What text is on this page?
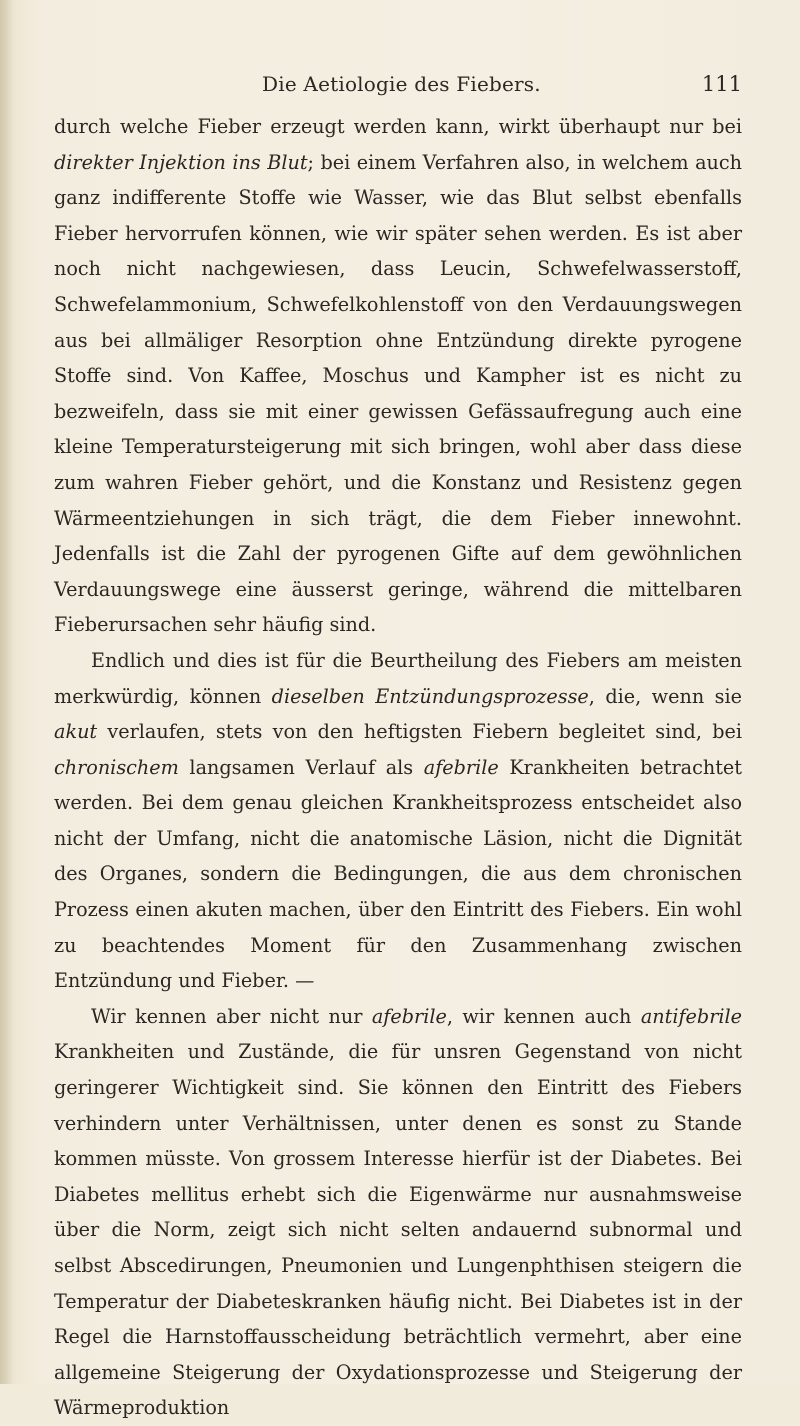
Die Aetiologie des Fiebers.	111

durch welche Fieber erzeugt werden kann, wirkt überhaupt nur bei direkter Injektion ins Blut; bei einem Verfahren also, in welchem auch ganz indifferente Stoffe wie Wasser, wie das Blut selbst ebenfalls Fieber hervorrufen können, wie wir später sehen werden. Es ist aber noch nicht nachgewiesen, dass Leucin, Schwefelwasserstoff, Schwefelammonium, Schwefelkohlenstoff von den Verdauungswegen aus bei allmäliger Resorption ohne Entzündung direkte pyrogene Stoffe sind. Von Kaffee, Moschus und Kampher ist es nicht zu bezweifeln, dass sie mit einer gewissen Gefässaufregung auch eine kleine Temperatursteigerung mit sich bringen, wohl aber dass diese zum wahren Fieber gehört, und die Konstanz und Resistenz gegen Wärmeentziehungen in sich trägt, die dem Fieber innewohnt. Jedenfalls ist die Zahl der pyrogenen Gifte auf dem gewöhnlichen Verdauungswege eine äusserst geringe, während die mittelbaren Fieberursachen sehr häufig sind.

Endlich und dies ist für die Beurtheilung des Fiebers am meisten merkwürdig, können dieselben Entzündungsprozesse, die, wenn sie akut verlaufen, stets von den heftigsten Fiebern begleitet sind, bei chronischem langsamen Verlauf als afebrile Krankheiten betrachtet werden. Bei dem genau gleichen Krankheitsprozess entscheidet also nicht der Umfang, nicht die anatomische Läsion, nicht die Dignität des Organes, sondern die Bedingungen, die aus dem chronischen Prozess einen akuten machen, über den Eintritt des Fiebers. Ein wohl zu beachtendes Moment für den Zusammenhang zwischen Entzündung und Fieber. —

Wir kennen aber nicht nur afebrile, wir kennen auch antifebrile Krankheiten und Zustände, die für unsren Gegenstand von nicht geringerer Wichtigkeit sind. Sie können den Eintritt des Fiebers verhindern unter Verhältnissen, unter denen es sonst zu Stande kommen müsste. Von grossem Interesse hierfür ist der Diabetes. Bei Diabetes mellitus erhebt sich die Eigenwärme nur ausnahmsweise über die Norm, zeigt sich nicht selten andauernd subnormal und selbst Abscedirungen, Pneumonien und Lungenphthisen steigern die Temperatur der Diabeteskranken häufig nicht. Bei Diabetes ist in der Regel die Harnstoffausscheidung beträchtlich vermehrt, aber eine allgemeine Steigerung der Oxydationsprozesse und Steigerung der Wärmeproduktion
